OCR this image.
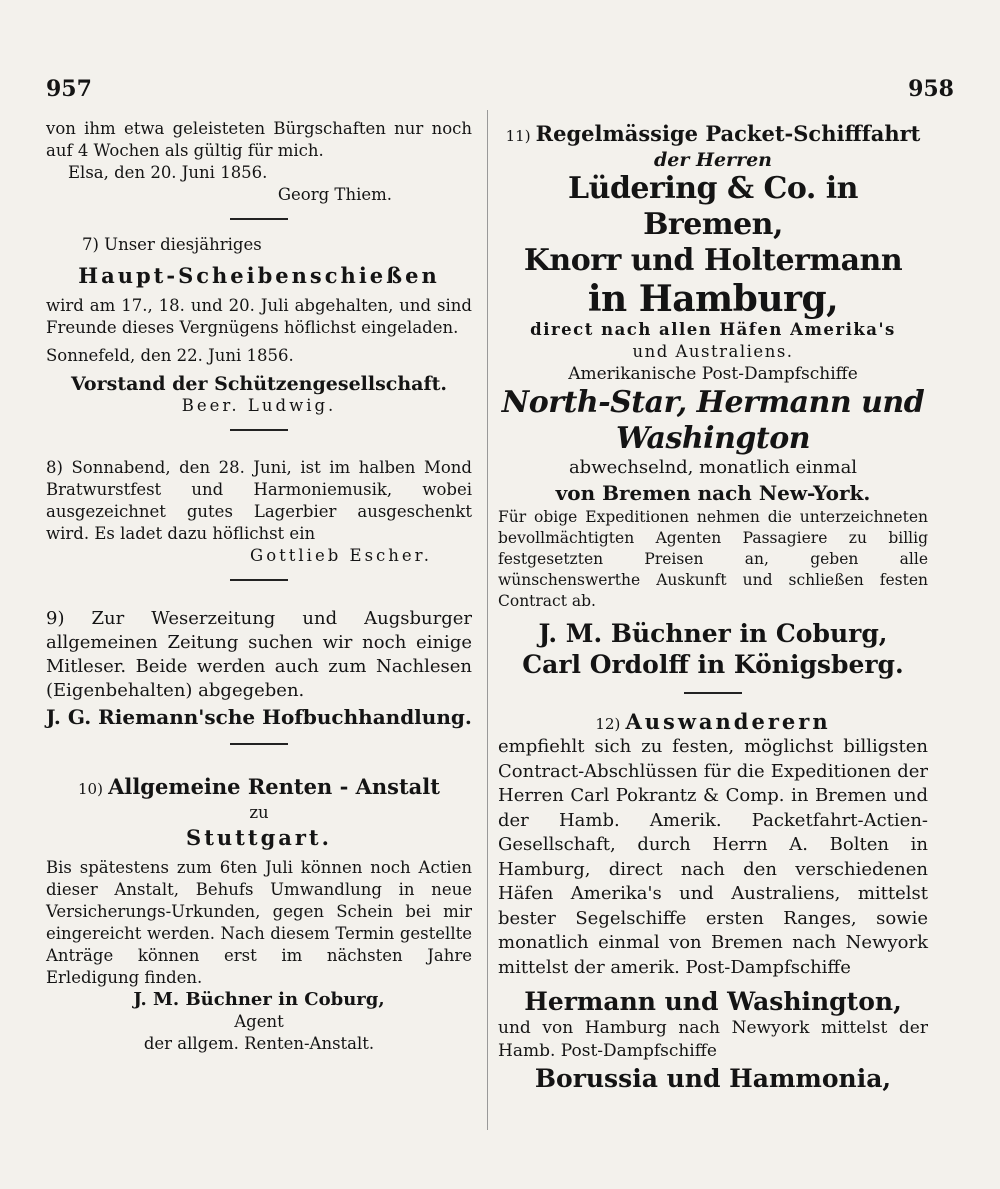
957	958

von ihm etwa geleisteten Bürgschaften nur noch auf 4 Wochen als gültig für mich.

Elsa, den 20. Juni 1856.

Georg Thiem.

7) Unser diesjähriges

Haupt-Scheibenschießen

wird am 17., 18. und 20. Juli abgehalten, und sind Freunde dieses Vergnügens höflichst eingeladen.

Sonnefeld, den 22. Juni 1856.

Vorstand der Schützengesellschaft.

Beer. Ludwig.

8) Sonnabend, den 28. Juni, ist im halben Mond Bratwurstfest und Harmoniemusik, wobei ausgezeichnet gutes Lagerbier ausgeschenkt wird. Es ladet dazu höflichst ein

Gottlieb Escher.

9) Zur Weserzeitung und Augsburger allgemeinen Zeitung suchen wir noch einige Mitleser. Beide werden auch zum Nachlesen (Eigenbehalten) abgegeben.

J. G. Riemann'sche Hofbuchhandlung.

10) Allgemeine Renten - Anstalt

zu

Stuttgart.

Bis spätestens zum 6ten Juli können noch Actien dieser Anstalt, Behufs Umwandlung in neue Versicherungs-Urkunden, gegen Schein bei mir eingereicht werden. Nach diesem Termin gestellte Anträge können erst im nächsten Jahre Erledigung finden.

J. M. Büchner in Coburg,

Agent

der allgem. Renten-Anstalt.

11) Regelmässige Packet-Schifffahrt

der Herren

Lüdering & Co. in Bremen,

Knorr und Holtermann

in Hamburg,

direct nach allen Häfen Amerika's

und Australiens.

Amerikanische Post-Dampfschiffe

North-Star, Hermann und

Washington

abwechselnd, monatlich einmal

von Bremen nach New-York.

Für obige Expeditionen nehmen die unterzeichneten bevollmächtigten Agenten Passagiere zu billig festgesetzten Preisen an, geben alle wünschenswerthe Auskunft und schließen festen Contract ab.

J. M. Büchner in Coburg,

Carl Ordolff in Königsberg.

12) Auswanderern

empfiehlt sich zu festen, möglichst billigsten Contract-Abschlüssen für die Expeditionen der Herren Carl Pokrantz & Comp. in Bremen und der Hamb. Amerik. Packetfahrt-Actien-Gesellschaft, durch Herrn A. Bolten in Hamburg, direct nach den verschiedenen Häfen Amerika's und Australiens, mittelst bester Segelschiffe ersten Ranges, sowie monatlich einmal von Bremen nach Newyork mittelst der amerik. Post-Dampfschiffe

Hermann und Washington,

und von Hamburg nach Newyork mittelst der Hamb. Post-Dampfschiffe

Borussia und Hammonia,
